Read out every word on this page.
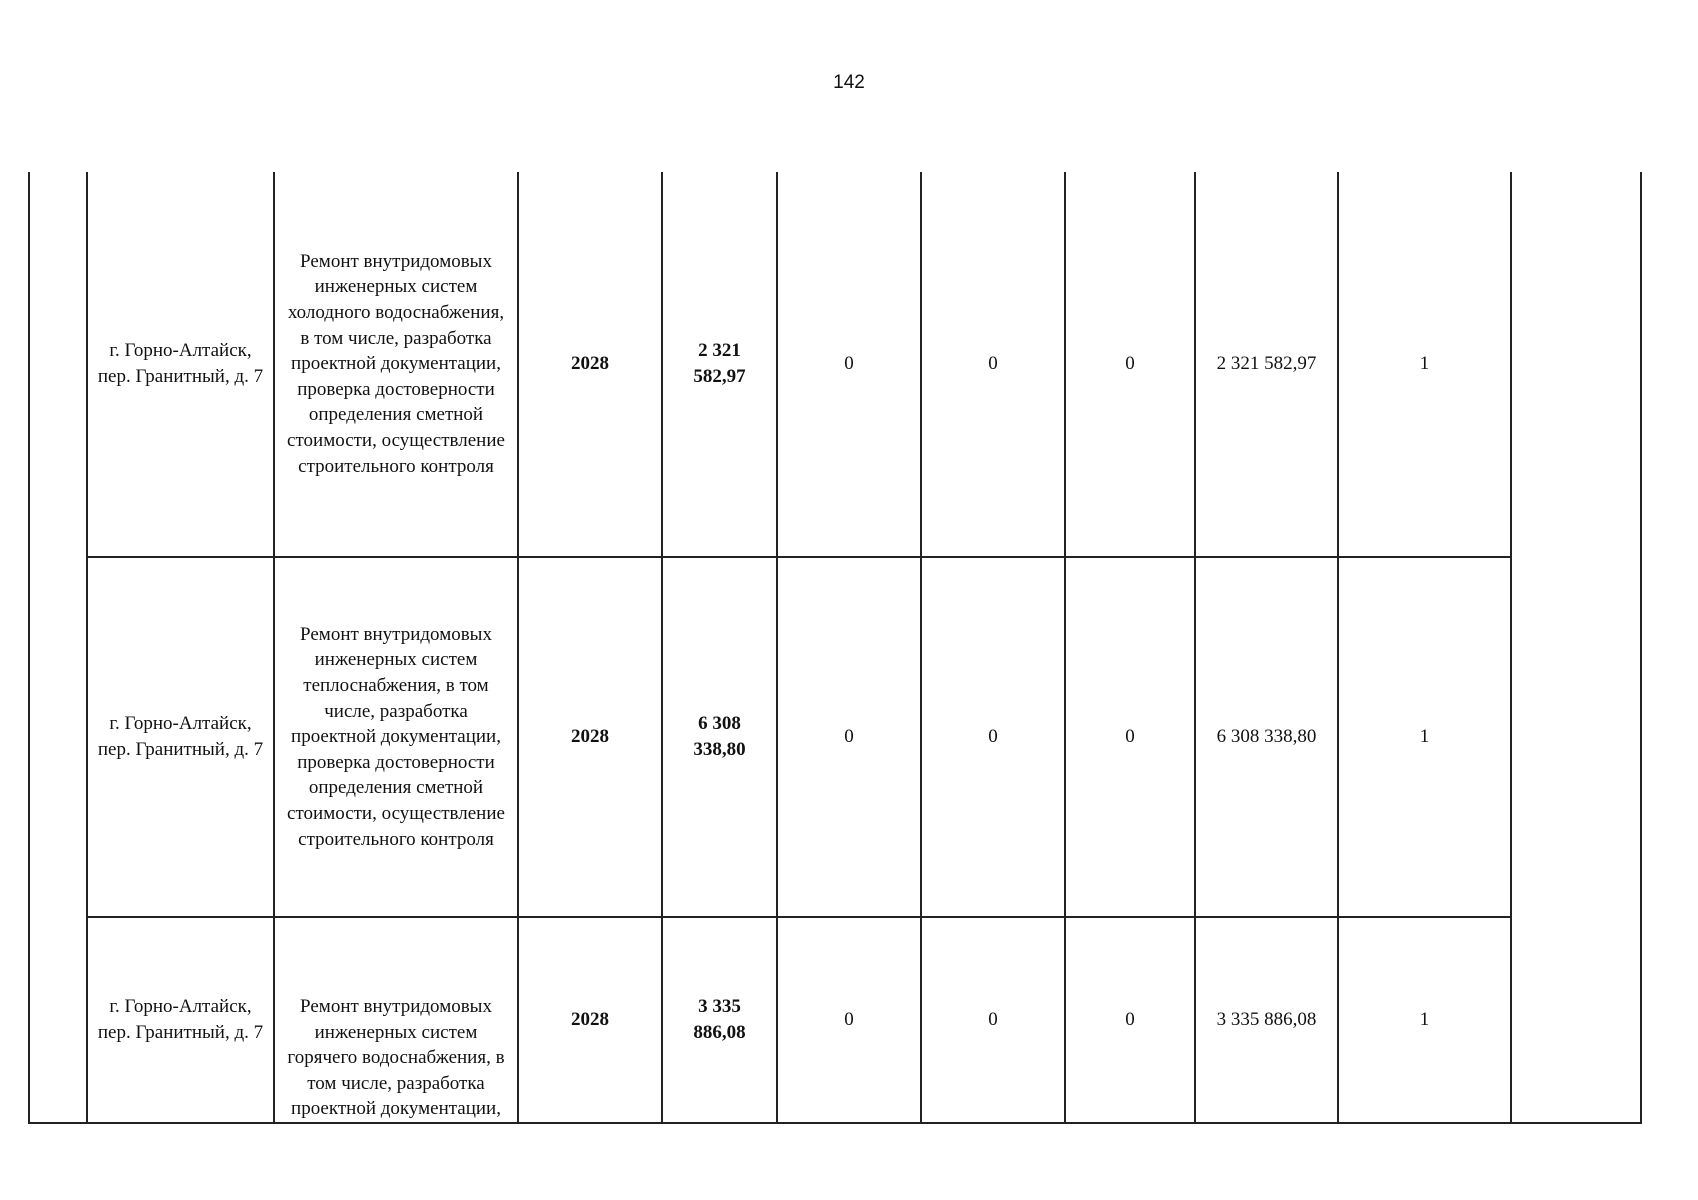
142
	г. Горно-Алтайск, пер. Гранитный, д. 7	Ремонт внутридомовых инженерных систем холодного водоснабжения, в том числе, разработка проектной документации, проверка достоверности определения сметной стоимости, осуществление строительного контроля	2028	2 321 582,97	0	0	0	2 321 582,97	1	
	г. Горно-Алтайск, пер. Гранитный, д. 7	Ремонт внутридомовых инженерных систем теплоснабжения, в том числе, разработка проектной документации, проверка достоверности определения сметной стоимости, осуществление строительного контроля	2028	6 308 338,80	0	0	0	6 308 338,80	1	
	г. Горно-Алтайск, пер. Гранитный, д. 7	Ремонт внутридомовых инженерных систем горячего водоснабжения, в том числе, разработка проектной документации,	2028	3 335 886,08	0	0	0	3 335 886,08	1	
